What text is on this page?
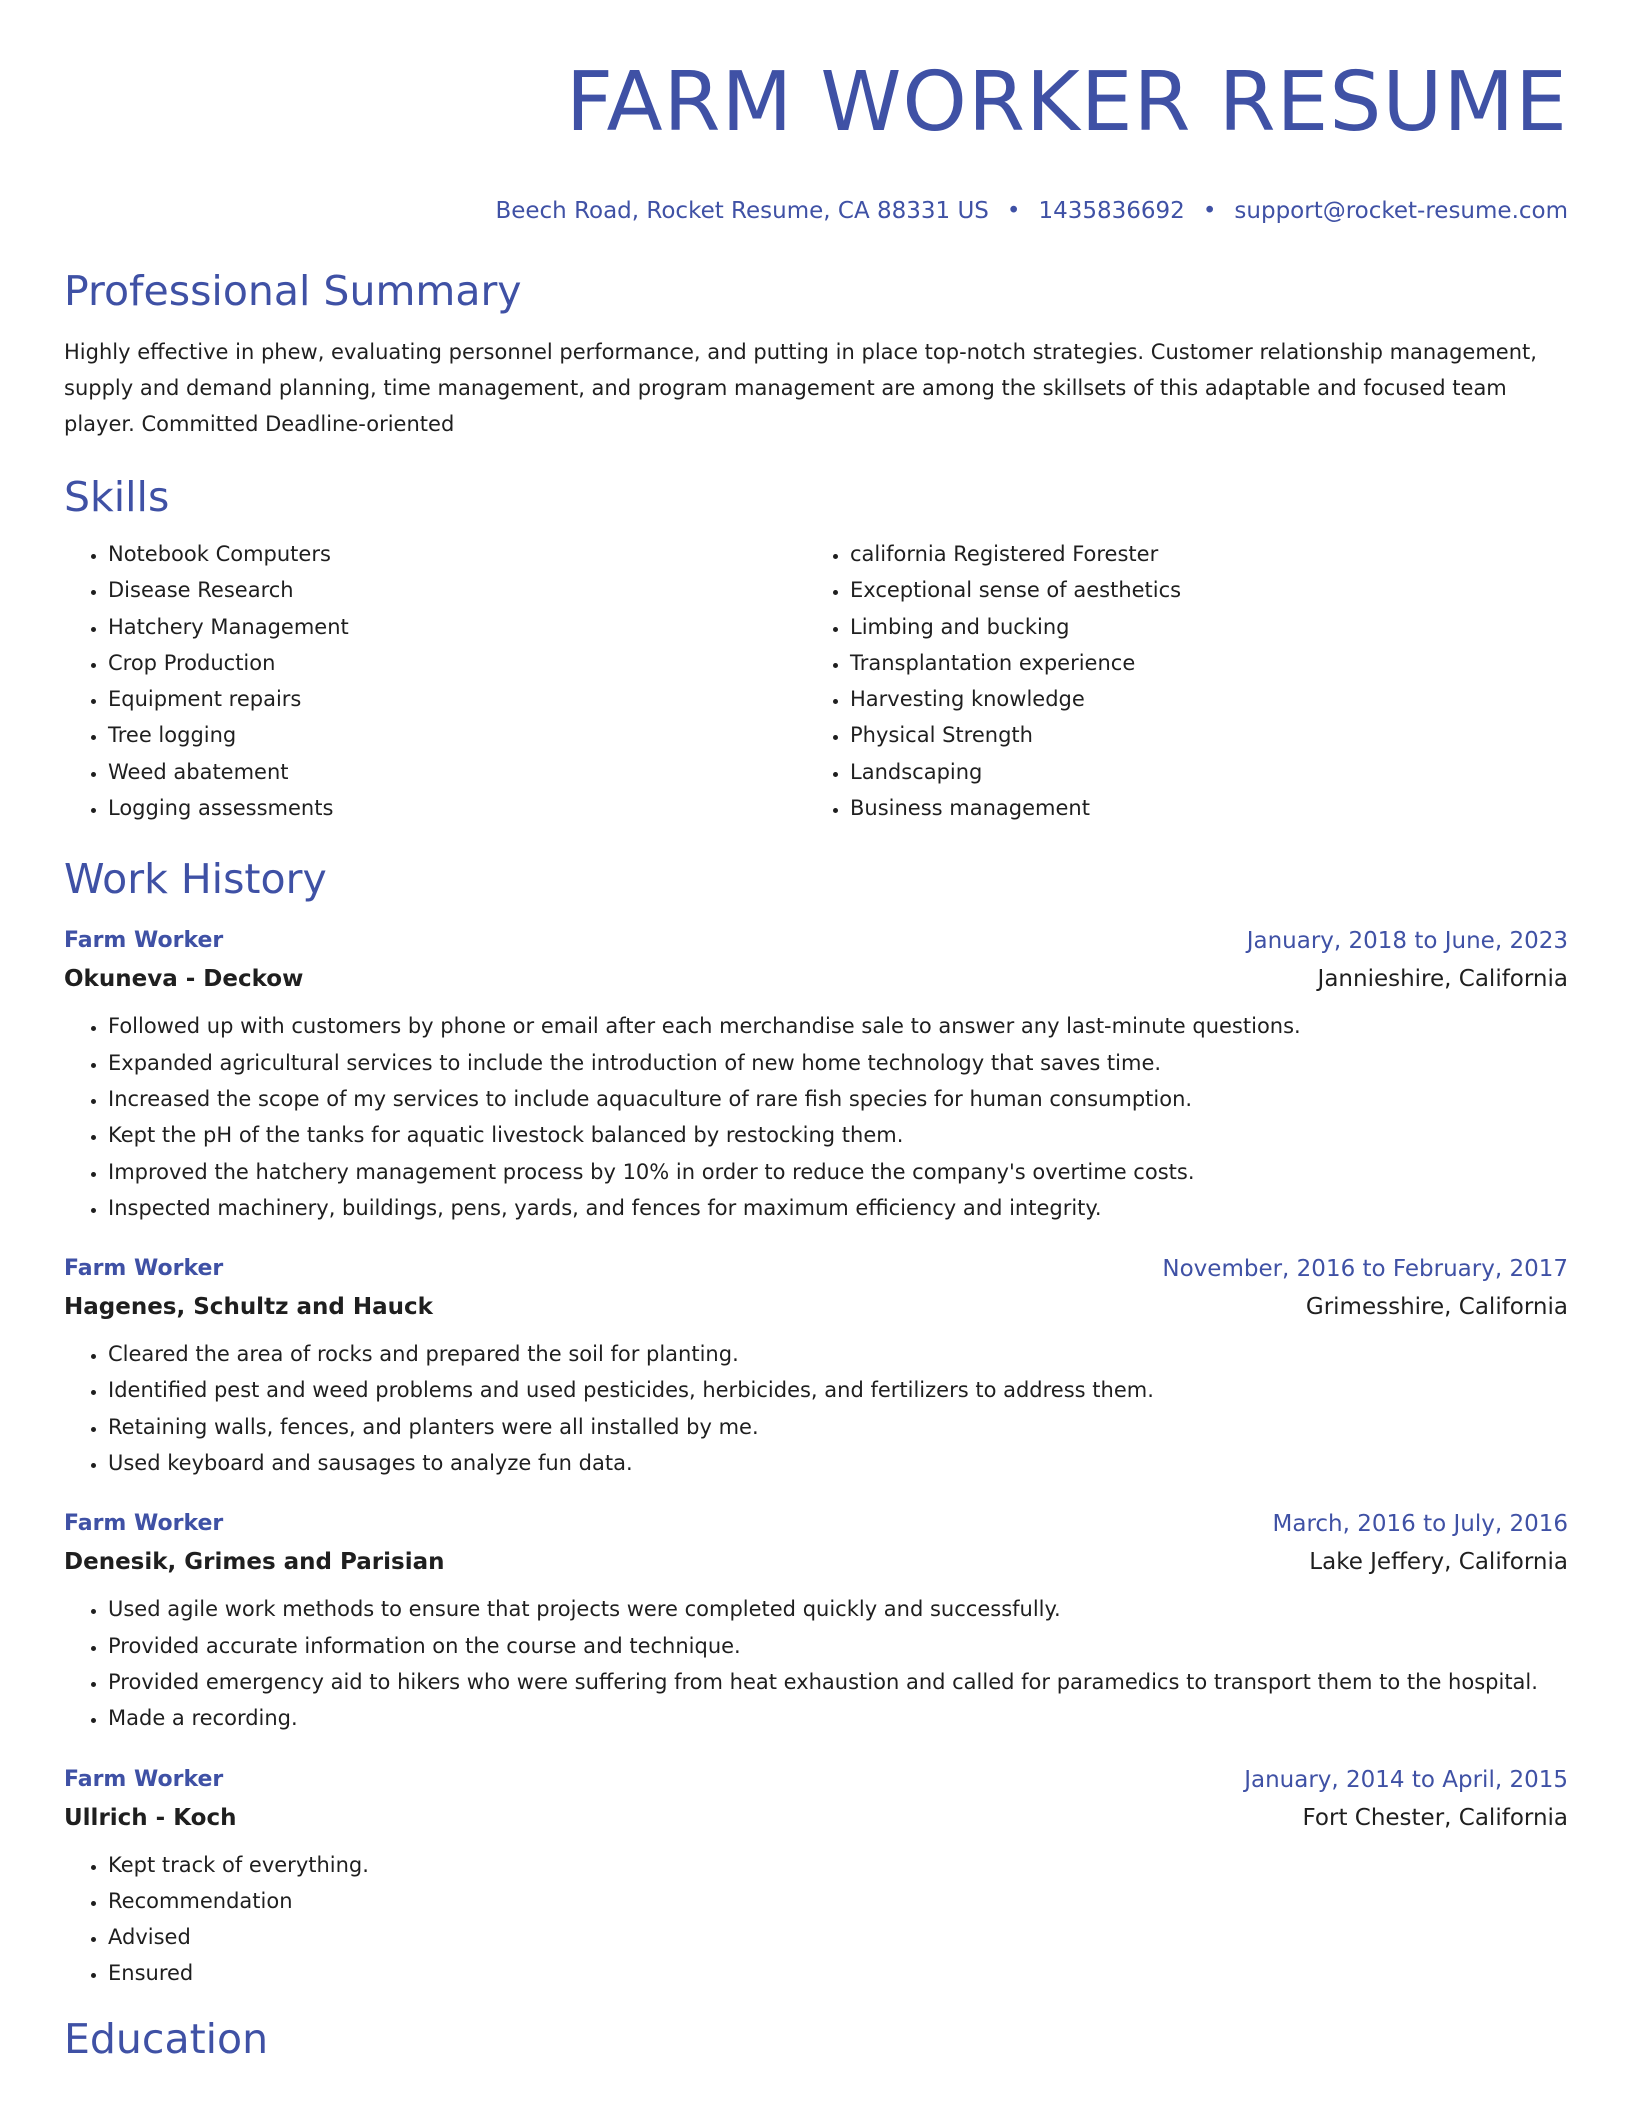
FARM WORKER RESUME
Beech Road, Rocket Resume, CA 88331 US • 1435836692 • support@rocket-resume.com
Professional Summary
Highly effective in phew, evaluating personnel performance, and putting in place top-notch strategies. Customer relationship management, supply and demand planning, time management, and program management are among the skillsets of this adaptable and focused team player. Committed Deadline-oriented
Skills
• Notebook Computers
• Disease Research
• Hatchery Management
• Crop Production
• Equipment repairs
• Tree logging
• Weed abatement
• Logging assessments
• california Registered Forester
• Exceptional sense of aesthetics
• Limbing and bucking
• Transplantation experience
• Harvesting knowledge
• Physical Strength
• Landscaping
• Business management
Work History
Farm Worker	January, 2018 to June, 2023
Okuneva - Deckow	Jannieshire, California
• Followed up with customers by phone or email after each merchandise sale to answer any last-minute questions.
• Expanded agricultural services to include the introduction of new home technology that saves time.
• Increased the scope of my services to include aquaculture of rare fish species for human consumption.
• Kept the pH of the tanks for aquatic livestock balanced by restocking them.
• Improved the hatchery management process by 10% in order to reduce the company's overtime costs.
• Inspected machinery, buildings, pens, yards, and fences for maximum efficiency and integrity.
Farm Worker	November, 2016 to February, 2017
Hagenes, Schultz and Hauck	Grimesshire, California
• Cleared the area of rocks and prepared the soil for planting.
• Identified pest and weed problems and used pesticides, herbicides, and fertilizers to address them.
• Retaining walls, fences, and planters were all installed by me.
• Used keyboard and sausages to analyze fun data.
Farm Worker	March, 2016 to July, 2016
Denesik, Grimes and Parisian	Lake Jeffery, California
• Used agile work methods to ensure that projects were completed quickly and successfully.
• Provided accurate information on the course and technique.
• Provided emergency aid to hikers who were suffering from heat exhaustion and called for paramedics to transport them to the hospital.
• Made a recording.
Farm Worker	January, 2014 to April, 2015
Ullrich - Koch	Fort Chester, California
• Kept track of everything.
• Recommendation
• Advised
• Ensured
Education
